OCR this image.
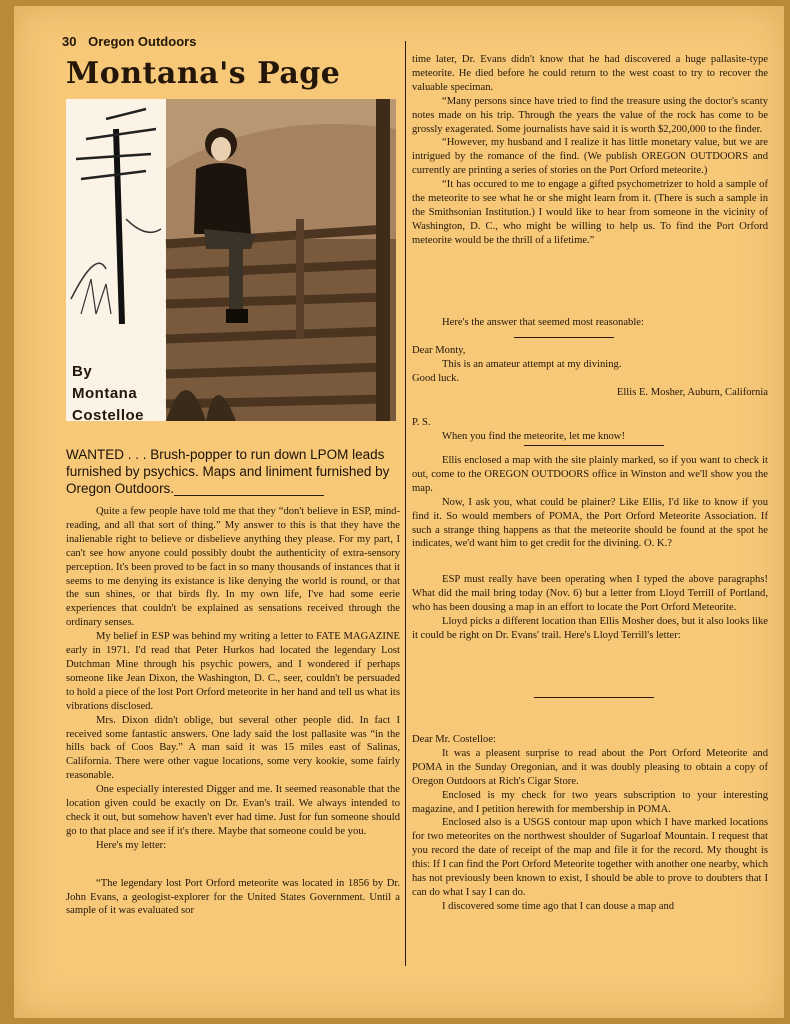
30 Oregon Outdoors
Montana's Page
By
Montana
Costelloe
WANTED . . . Brush-popper to run down LPOM leads furnished by psychics. Maps and liniment furnished by Oregon Outdoors.

Quite a few people have told me that they “don't believe in ESP, mind-reading, and all that sort of thing.” My answer to this is that they have the inalienable right to believe or disbelieve anything they please. For my part, I can't see how anyone could possibly doubt the authenticity of extra-sensory perception. It's been proved to be fact in so many thousands of instances that it seems to me denying its existance is like denying the world is round, or that the sun shines, or that birds fly. In my own life, I've had some eerie experiences that couldn't be explained as sensations received through the ordinary senses.

My belief in ESP was behind my writing a letter to FATE MAGAZINE early in 1971. I'd read that Peter Hurkos had located the legendary Lost Dutchman Mine through his psychic powers, and I wondered if perhaps someone like Jean Dixon, the Washington, D. C., seer, couldn't be persuaded to hold a piece of the lost Port Orford meteorite in her hand and tell us what its vibrations disclosed.

Mrs. Dixon didn't oblige, but several other people did. In fact I received some fantastic answers. One lady said the lost pallasite was “in the hills back of Coos Bay.” A man said it was 15 miles east of Salinas, California. There were other vague locations, some very kookie, some fairly reasonable.

One especially interested Digger and me. It seemed reasonable that the location given could be exactly on Dr. Evan's trail. We always intended to check it out, but somehow haven't ever had time. Just for fun someone should go to that place and see if it's there. Maybe that someone could be you.

Here's my letter:

“The legendary lost Port Orford meteorite was located in 1856 by Dr. John Evans, a geologist-explorer for the United States Government. Until a sample of it was evaluated sor

time later, Dr. Evans didn't know that he had discovered a huge pallasite-type meteorite. He died before he could return to the west coast to try to recover the valuable speciman.

“Many persons since have tried to find the treasure using the doctor's scanty notes made on his trip. Through the years the value of the rock has come to be grossly exagerated. Some journalists have said it is worth $2,200,000 to the finder.

“However, my husband and I realize it has little monetary value, but we are intrigued by the romance of the find. (We publish OREGON OUTDOORS and currently are printing a series of stories on the Port Orford meteorite.)

“It has occured to me to engage a gifted psychometrizer to hold a sample of the meteorite to see what he or she might learn from it. (There is such a sample in the Smithsonian Institution.) I would like to hear from someone in the vicinity of Washington, D. C., who might be willing to help us. To find the Port Orford meteorite would be the thrill of a lifetime.”

Here's the answer that seemed most reasonable:

Dear Monty,

This is an amateur attempt at my divining.

Good luck.

Ellis E. Mosher, Auburn, California

P. S.

When you find the meteorite, let me know!

Ellis enclosed a map with the site plainly marked, so if you want to check it out, come to the OREGON OUTDOORS office in Winston and we'll show you the map.

Now, I ask you, what could be plainer? Like Ellis, I'd like to know if you find it. So would members of POMA, the Port Orford Meteorite Association. If such a strange thing happens as that the meteorite should be found at the spot he indicates, we'd want him to get credit for the divining. O. K.?

ESP must really have been operating when I typed the above paragraphs! What did the mail bring today (Nov. 6) but a letter from Lloyd Terrill of Portland, who has been dousing a map in an effort to locate the Port Orford Meteorite.

Lloyd picks a different location than Ellis Mosher does, but it also looks like it could be right on Dr. Evans' trail. Here's Lloyd Terrill's letter:

Dear Mr. Costelloe:

It was a pleasent surprise to read about the Port Orford Meteorite and POMA in the Sunday Oregonian, and it was doubly pleasing to obtain a copy of Oregon Outdoors at Rich's Cigar Store.

Enclosed is my check for two years subscription to your interesting magazine, and I petition herewith for membership in POMA.

Enclosed also is a USGS contour map upon which I have marked locations for two meteorites on the northwest shoulder of Sugarloaf Mountain. I request that you record the date of receipt of the map and file it for the record. My thought is this: If I can find the Port Orford Meteorite together with another one nearby, which has not previously been known to exist, I should be able to prove to doubters that I can do what I say I can do.

I discovered some time ago that I can douse a map and
